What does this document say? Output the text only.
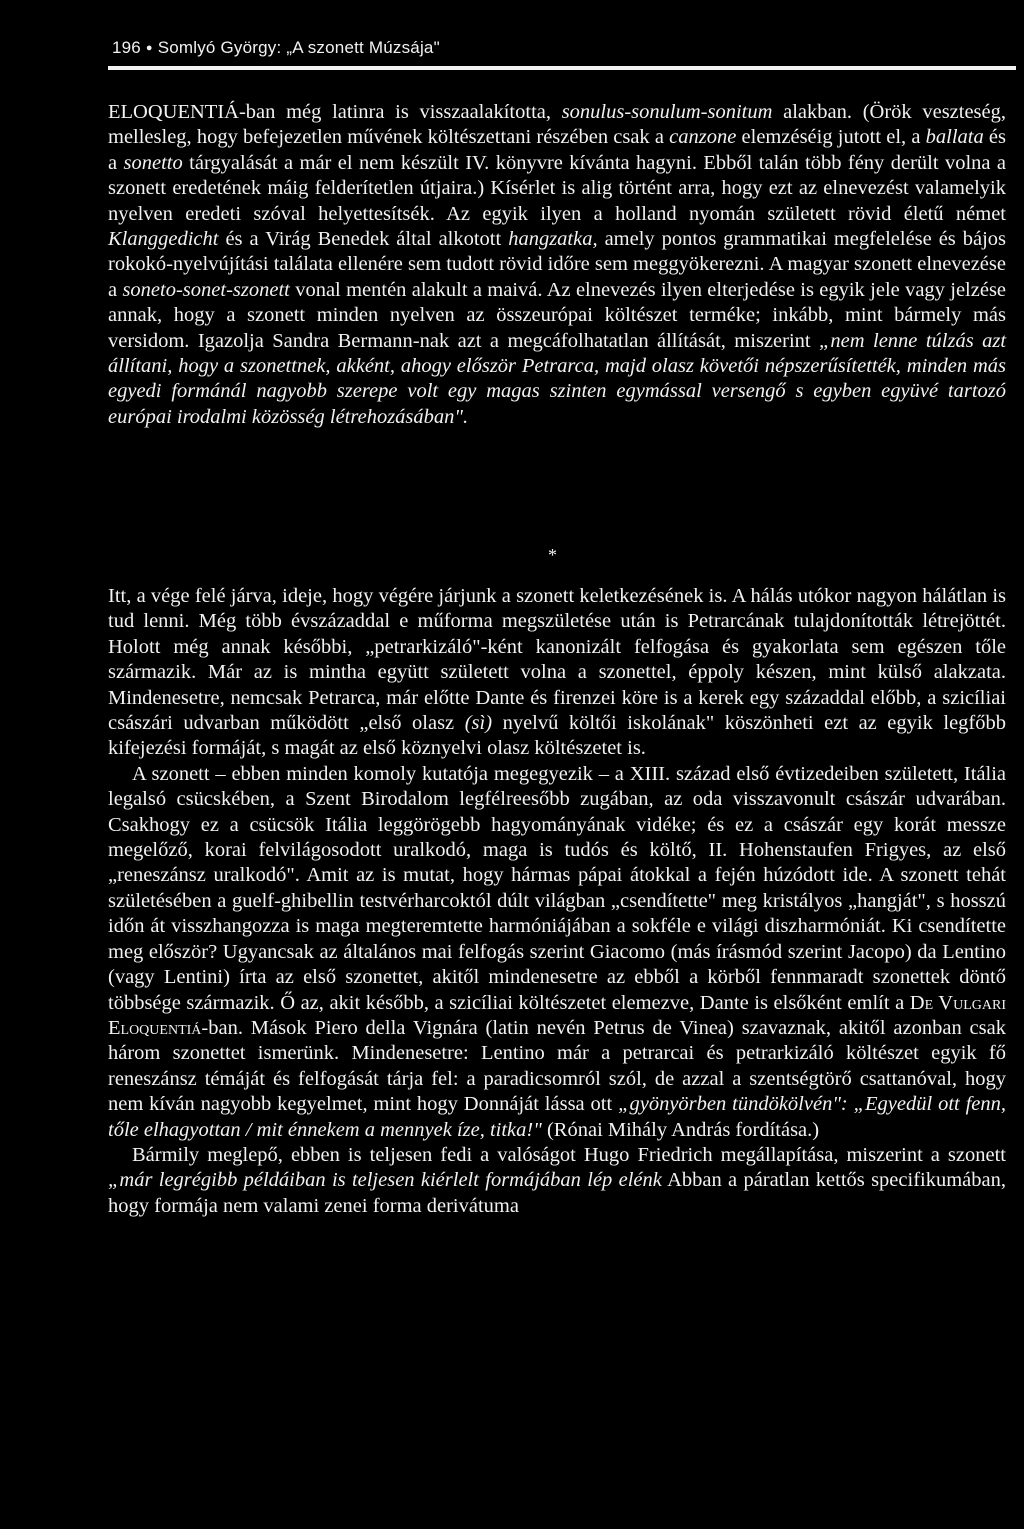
196 ● Somlyó György: „A szonett Múzsája"

ELOQUENTIÁ-ban még latinra is visszaalakította, sonulus-sonulum-sonitum alakban. (Örök veszteség, mellesleg, hogy befejezetlen művének költészettani részében csak a canzone elemzéséig jutott el, a ballata és a sonetto tárgyalását a már el nem készült IV. könyvre kívánta hagyni. Ebből talán több fény derült volna a szonett eredetének máig felderítetlen útjaira.) Kísérlet is alig történt arra, hogy ezt az elnevezést valamelyik nyelven eredeti szóval helyettesítsék. Az egyik ilyen a holland nyomán született rövid életű német Klanggedicht és a Virág Benedek által alkotott hangzatka, amely pontos grammatikai megfelelése és bájos rokokó-nyelvújítási találata ellenére sem tudott rövid időre sem meggyökerezni. A magyar szonett elnevezése a soneto-sonet-szonett vonal mentén alakult a maivá. Az elnevezés ilyen elterjedése is egyik jele vagy jelzése annak, hogy a szonett minden nyelven az összeurópai költészet terméke; inkább, mint bármely más versidom. Igazolja Sandra Bermann-nak azt a megcáfolhatatlan állítását, miszerint „nem lenne túlzás azt állítani, hogy a szonettnek, akként, ahogy először Petrarca, majd olasz követői népszerűsítették, minden más egyedi formánál nagyobb szerepe volt egy magas szinten egymással versengő s egyben együvé tartozó európai irodalmi közösség létrehozásában".

*

Itt, a vége felé járva, ideje, hogy végére járjunk a szonett keletkezésének is. A hálás utókor nagyon hálátlan is tud lenni. Még több évszázaddal e műforma megszületése után is Petrarcának tulajdonították létrejöttét. Holott még annak későbbi, „petrarkizáló"-ként kanonizált felfogása és gyakorlata sem egészen tőle származik. Már az is mintha együtt született volna a szonettel, éppoly készen, mint külső alakzata. Mindenesetre, nemcsak Petrarca, már előtte Dante és firenzei köre is a kerek egy századdal előbb, a szicíliai császári udvarban működött „első olasz (sì) nyelvű költői iskolának" köszönheti ezt az egyik legfőbb kifejezési formáját, s magát az első köznyelvi olasz költészetet is.

A szonett – ebben minden komoly kutatója megegyezik – a XIII. század első évtizedeiben született, Itália legalsó csücskében, a Szent Birodalom legfélreesőbb zugában, az oda visszavonult császár udvarában. Csakhogy ez a csücsök Itália leggörögebb hagyományának vidéke; és ez a császár egy korát messze megelőző, korai felvilágosodott uralkodó, maga is tudós és költő, II. Hohenstaufen Frigyes, az első „reneszánsz uralkodó". Amit az is mutat, hogy hármas pápai átokkal a fején húzódott ide. A szonett tehát születésében a guelf-ghibellin testvérharcoktól dúlt világban „csendítette" meg kristályos „hangját", s hosszú időn át visszhangozza is maga megteremtette harmóniájában a sokféle e világi diszharmóniát. Ki csendítette meg először? Ugyancsak az általános mai felfogás szerint Giacomo (más írásmód szerint Jacopo) da Lentino (vagy Lentini) írta az első szonettet, akitől mindenesetre az ebből a körből fennmaradt szonettek döntő többsége származik. Ő az, akit később, a szicíliai költészetet elemezve, Dante is elsőként említ a De Vulgari Eloquentiá-ban. Mások Piero della Vignára (latin nevén Petrus de Vinea) szavaznak, akitől azonban csak három szonettet ismerünk. Mindenesetre: Lentino már a petrarcai és petrarkizáló költészet egyik fő reneszánsz témáját és felfogását tárja fel: a paradicsomról szól, de azzal a szentségtörő csattanóval, hogy nem kíván nagyobb kegyelmet, mint hogy Donnáját lássa ott „gyönyörben tündökölvén": „Egyedül ott fenn, tőle elhagyottan / mit énnekem a mennyek íze, titka!" (Rónai Mihály András fordítása.)

Bármily meglepő, ebben is teljesen fedi a valóságot Hugo Friedrich megállapítása, miszerint a szonett „már legrégibb példáiban is teljesen kiérlelt formájában lép elénk Abban a páratlan kettős specifikumában, hogy formája nem valami zenei forma derivátuma
